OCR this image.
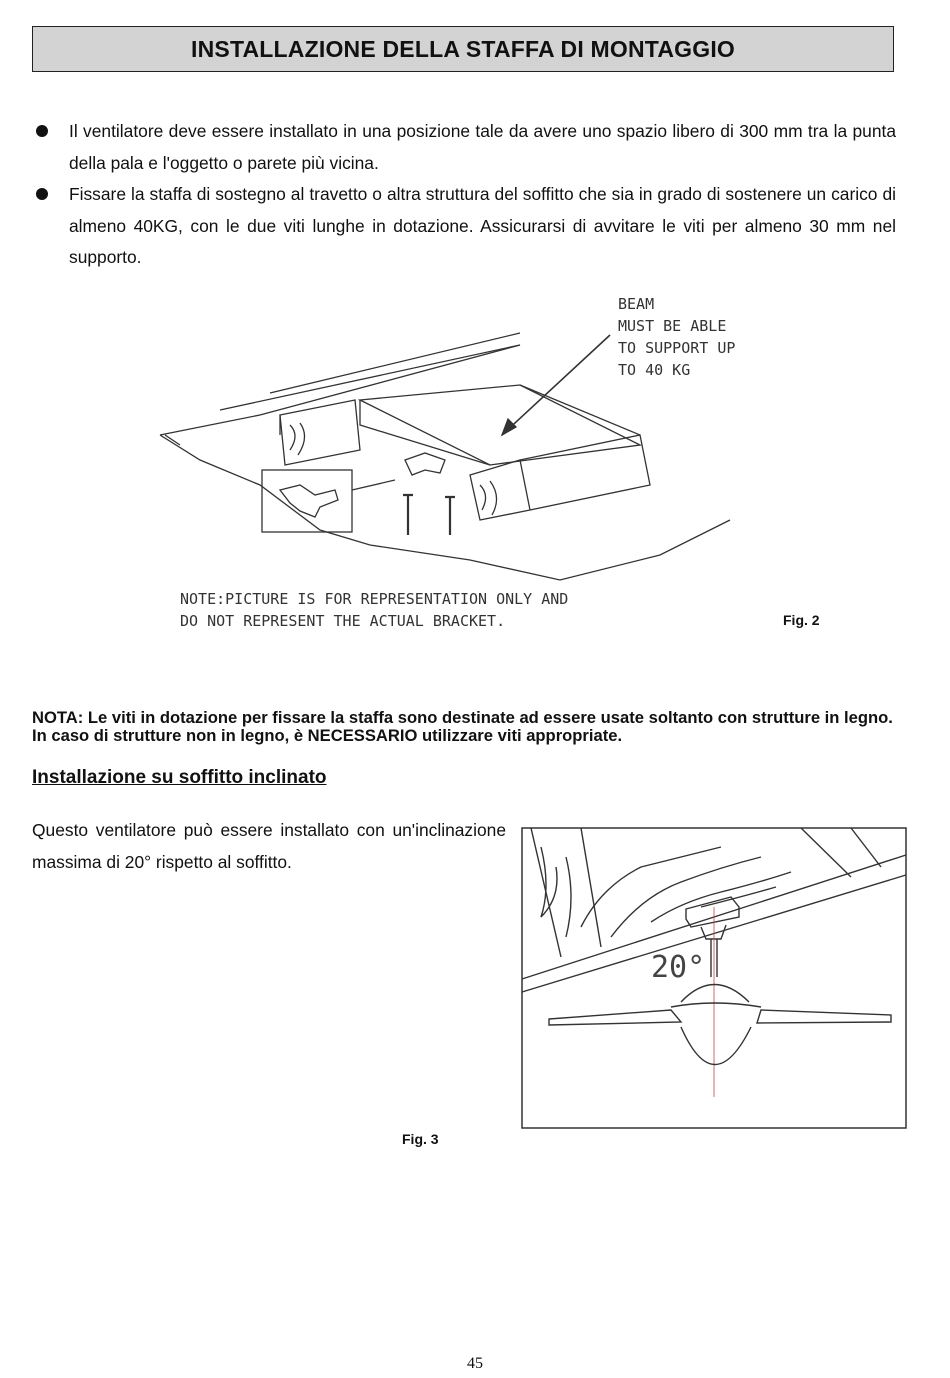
INSTALLAZIONE DELLA STAFFA DI MONTAGGIO
Il ventilatore deve essere installato in una posizione tale da avere uno spazio libero di 300 mm tra la punta della pala e l'oggetto o parete più vicina.
Fissare la staffa di sostegno al travetto o altra struttura del soffitto che sia in grado di sostenere un carico di almeno 40KG, con le due viti lunghe in dotazione. Assicurarsi di avvitare le viti per almeno 30 mm nel supporto.
BEAM
MUST BE ABLE
TO SUPPORT UP
TO 40 KG
NOTE:PICTURE IS FOR REPRESENTATION ONLY AND
DO NOT REPRESENT THE ACTUAL BRACKET.	Fig. 2
NOTA: Le viti in dotazione per fissare la staffa sono destinate ad essere usate soltanto con strutture in legno. In caso di strutture non in legno, è NECESSARIO utilizzare viti appropriate.
Installazione su soffitto inclinato
Questo ventilatore può essere installato con un'inclinazione massima di 20° rispetto al soffitto.
20°
Fig. 3
45
